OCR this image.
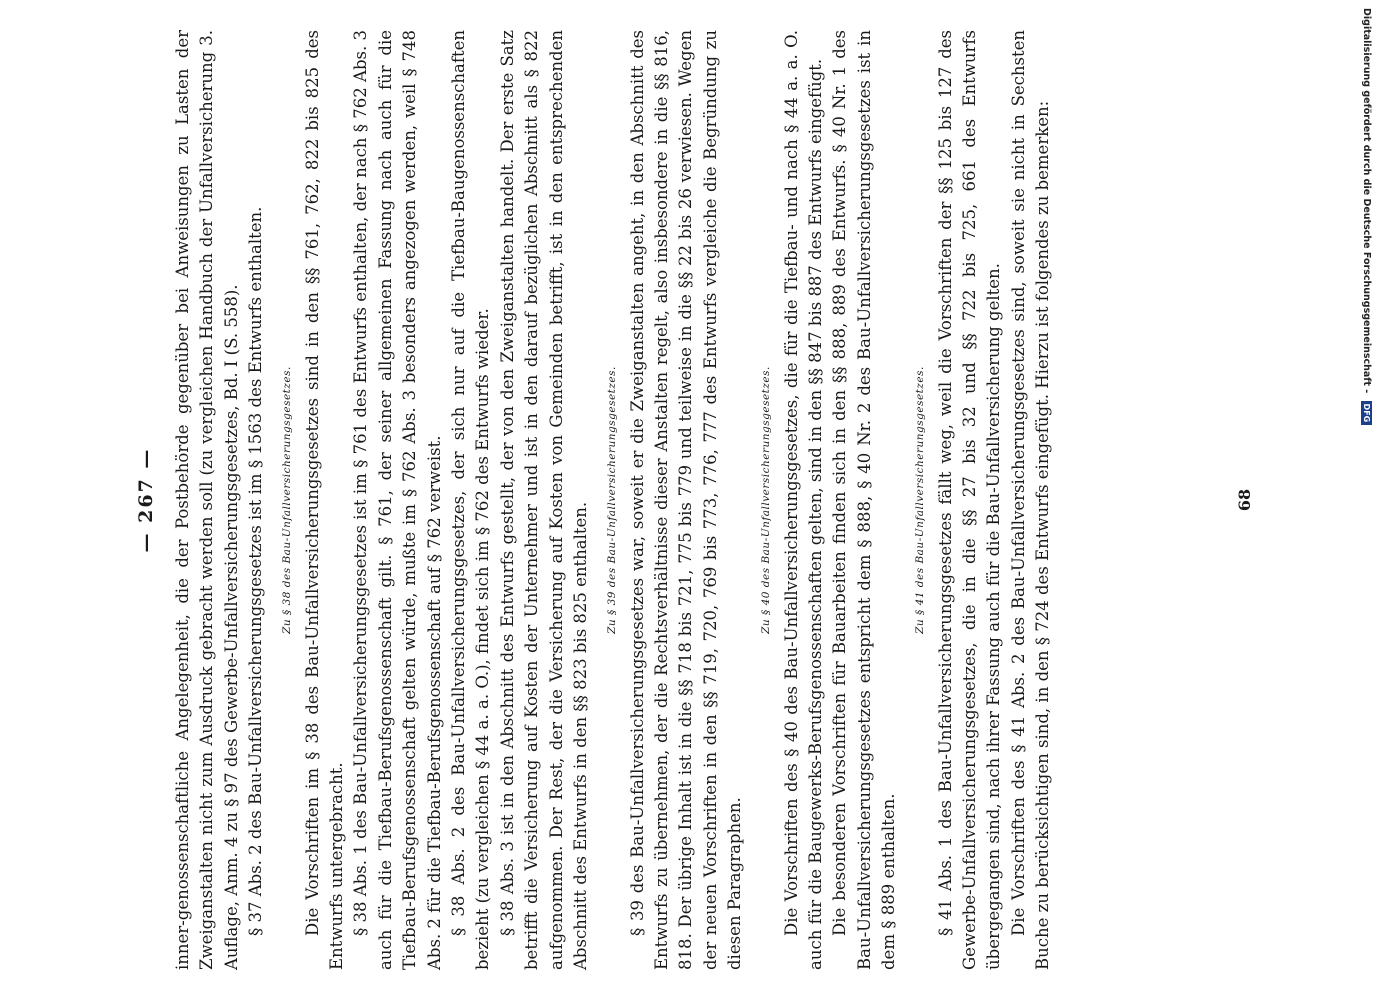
— 267 — inner-genossenschaftliche Angelegenheit, die der Postbehörde gegenüber bei Anweisungen zu Lasten der Zweiganstalten nicht zum Ausdruck gebracht werden soll (zu vergleichen Handbuch der Unfallversicherung 3. Auflage, Anm. 4 zu § 97 des Gewerbe-Unfallversicherungsgesetzes, Bd. I (S. 558). § 37 Abs. 2 des Bau-Unfallversicherungsgesetzes ist im § 1563 des Entwurfs enthalten.	Zu § 38 des Bau-Unfallversicherungsgesetzes. Die Vorschriften im § 38 des Bau-Unfallversicherungsgesetzes sind in den §§ 761, 762, 822 bis 825 des Entwurfs untergebracht. § 38 Abs. 1 des Bau-Unfallversicherungsgesetzes ist im § 761 des Entwurfs enthalten, der nach § 762 Abs. 3 auch für die Tiefbau-Berufsgenossenschaft gilt. § 761, der seiner allgemeinen Fassung nach auch für die Tiefbau-Berufsgenossenschaft gelten würde, mußte im § 762 Abs. 3 besonders angezogen werden, weil § 748 Abs. 2 für die Tiefbau-Berufsgenossenschaft auf § 762 verweist. § 38 Abs. 2 des Bau-Unfallversicherungsgesetzes, der sich nur auf die Tiefbau-Baugenossenschaften bezieht (zu vergleichen § 44 a. a. O.), findet sich im § 762 des Entwurfs wieder. § 38 Abs. 3 ist in den Abschnitt des Entwurfs gestellt, der von den Zweiganstalten handelt. Der erste Satz betrifft die Versicherung auf Kosten der Unternehmer und ist in den darauf bezüglichen Abschnitt als § 822 aufgenommen. Der Rest, der die Versicherung auf Kosten von Gemeinden betrifft, ist in den entsprechenden Abschnitt des Entwurfs in den §§ 823 bis 825 enthalten.

Zu § 39 des Bau-Unfallversicherungsgesetzes. § 39 des Bau-Unfallversicherungsgesetzes war, soweit er die Zweiganstalten angeht, in den Abschnitt des Entwurfs zu übernehmen, der die Rechtsverhältnisse dieser Anstalten regelt, also insbesondere in die §§ 816, 818. Der übrige Inhalt ist in die §§ 718 bis 721, 775 bis 779 und teilweise in die §§ 22 bis 26 verwiesen. Wegen der neuen Vorschriften in den §§ 719, 720, 769 bis 773, 776, 777 des Entwurfs vergleiche die Begründung zu diesen Paragraphen.

Zu § 40 des Bau-Unfallversicherungsgesetzes. Die Vorschriften des § 40 des Bau-Unfallversicherungsgesetzes, die für die Tiefbau- und nach § 44 a. a. O. auch für die Baugewerks-Berufsgenossenschaften gelten, sind in den §§ 847 bis 887 des Entwurfs eingefügt. Die besonderen Vorschriften für Bauarbeiten finden sich in den §§ 888, 889 des Entwurfs. § 40 Nr. 1 des Bau-Unfallversicherungsgesetzes entspricht dem § 888, § 40 Nr. 2 des Bau-Unfallversicherungsgesetzes ist in dem § 889 enthalten.

Zu § 41 des Bau-Unfallversicherungsgesetzes. § 41 Abs. 1 des Bau-Unfallversicherungsgesetzes fällt weg, weil die Vorschriften der §§ 125 bis 127 des Gewerbe-Unfallversicherungsgesetzes, die in die §§ 27 bis 32 und §§ 722 bis 725, 661 des Entwurfs übergegangen sind, nach ihrer Fassung auch für die Bau-Unfallversicherung gelten. Die Vorschriften des § 41 Abs. 2 des Bau-Unfallversicherungsgesetzes sind, soweit sie nicht in Sechsten Buche zu berücksichtigen sind, in den § 724 des Entwurfs eingefügt. Hierzu ist folgendes zu bemerken:	68
Digitalisierung gefördert durch die Deutsche Forschungsgemeinschaft - DFG
